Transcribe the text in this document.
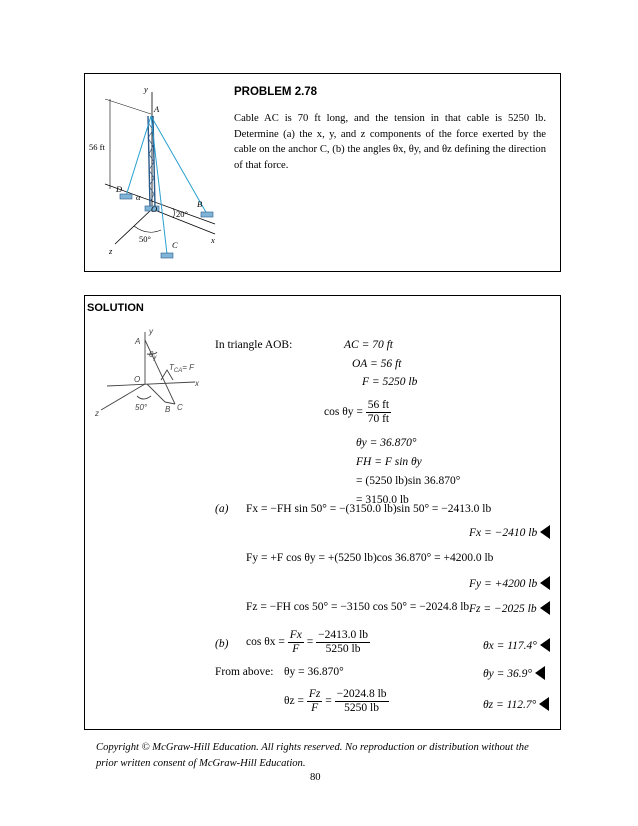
y
A
D
α
O	B
x
z
C
56 ft
20°
50°
PROBLEM 2.78
Cable AC is 70 ft long, and the tension in that cable is 5250 lb. Determine (a) the x, y, and z components of the force exerted by the cable on the anchor C, (b) the angles θx, θy, and θz defining the direction of that force.
SOLUTION
y
A
$\theta_y$
$T_{CA}= F$
O	x
z
50° B C
In triangle AOB:	AC = 70 ft
OA = 56 ft
F = 5250 lb
$\cos \theta y = \frac{56 ft}{70 ft}$
θy = 36.870°
FH = F sin θy
= (5250 lb)sin 36.870°
= 3150.0 lb
(a) Fx = −FH sin 50° = −(3150.0 lb)sin 50° = −2413.0 lb
Fx = −2410 lb
Fy = +F cos θy = +(5250 lb)cos 36.870° = +4200.0 lb
Fy = +4200 lb
Fz = −FH cos 50° = −3150 cos 50° = −2024.8 lb Fz = −2025 lb
(b) $\cos \theta x = \frac{Fx}{F} = \frac{-2413.0 lb}{5250 lb}$	θx = 117.4°
From above: θy = 36.870°	θy = 36.9°
$\theta z = \frac{Fz}{F} = \frac{-2024.8 lb}{5250 lb}$	θz = 112.7°
Copyright © McGraw-Hill Education. All rights reserved. No reproduction or distribution without the prior written consent of McGraw-Hill Education.
80
